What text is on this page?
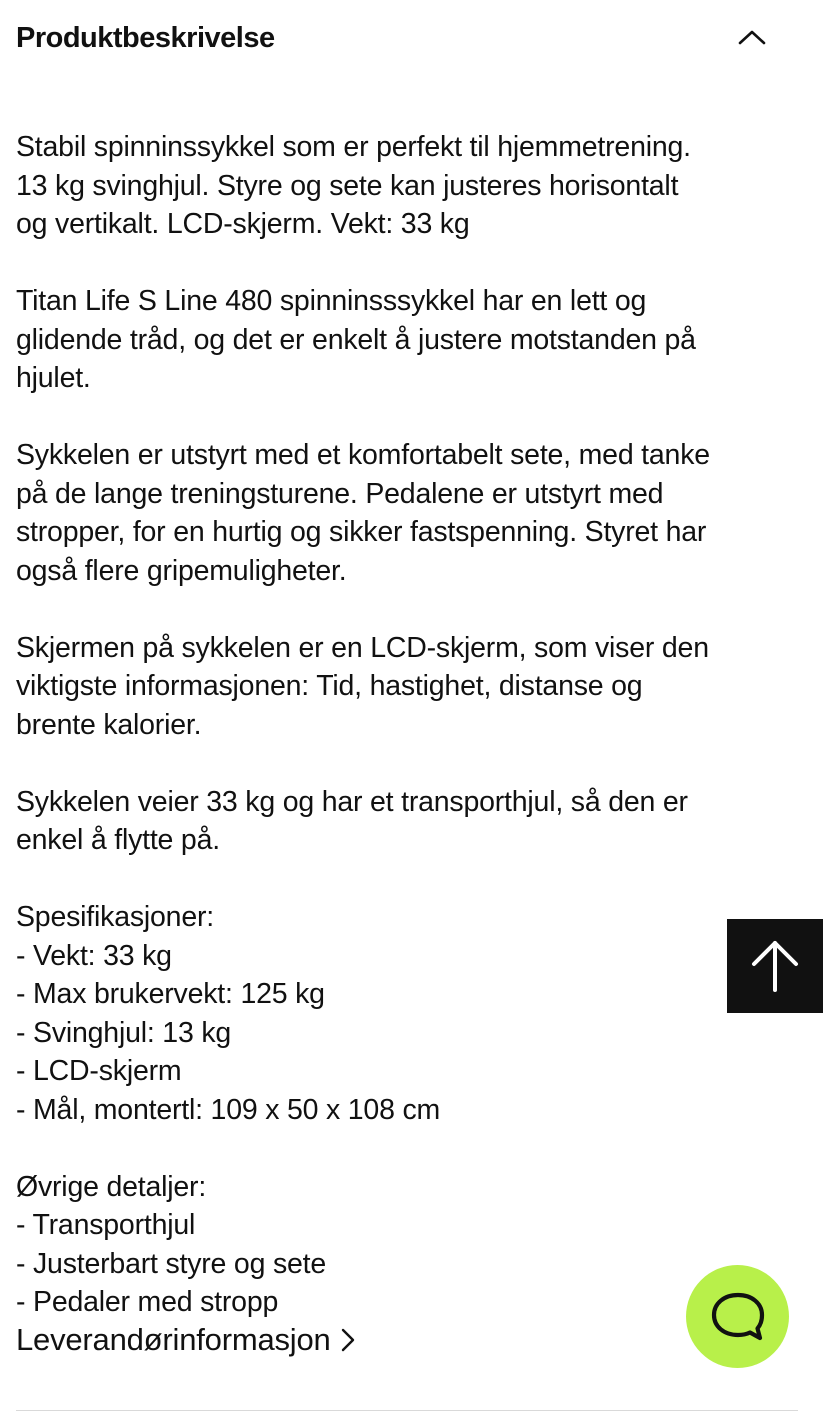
Produktbeskrivelse

Stabil spinninssykkel som er perfekt til hjemmetrening.
13 kg svinghjul. Styre og sete kan justeres horisontalt
og vertikalt. LCD-skjerm. Vekt: 33 kg

Titan Life S Line 480 spinninsssykkel har en lett og
glidende tråd, og det er enkelt å justere motstanden på
hjulet.

Sykkelen er utstyrt med et komfortabelt sete, med tanke
på de lange treningsturene. Pedalene er utstyrt med
stropper, for en hurtig og sikker fastspenning. Styret har
også flere gripemuligheter.

Skjermen på sykkelen er en LCD-skjerm, som viser den
viktigste informasjonen: Tid, hastighet, distanse og
brente kalorier.

Sykkelen veier 33 kg og har et transporthjul, så den er
enkel å flytte på.

Spesifikasjoner:
- Vekt: 33 kg
- Max brukervekt: 125 kg
- Svinghjul: 13 kg
- LCD-skjerm
- Mål, montertl: 109 x 50 x 108 cm

Øvrige detaljer:
- Transporthjul
- Justerbart styre og sete
- Pedaler med stropp

Leverandørinformasjon
